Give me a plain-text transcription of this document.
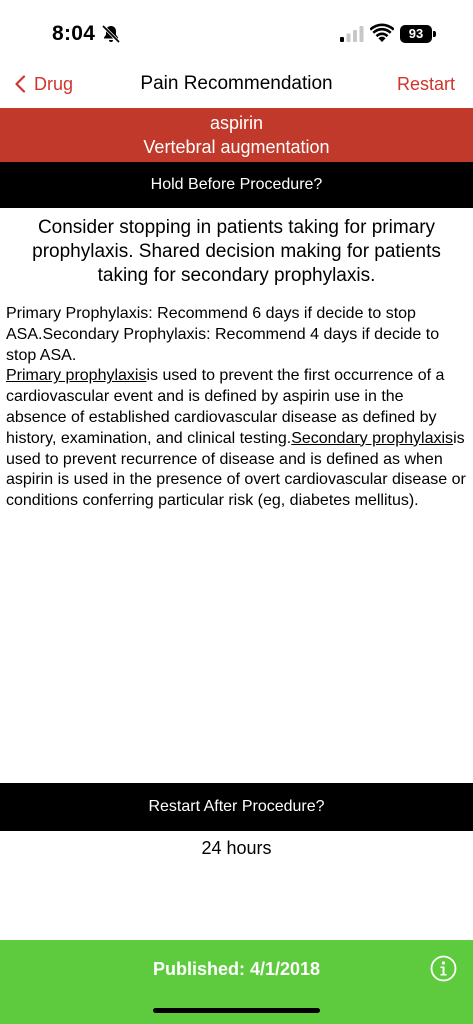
8:04	93
Drug	Pain Recommendation	Restart
aspirin
Vertebral augmentation
Hold Before Procedure?
Consider stopping in patients taking for primary prophylaxis. Shared decision making for patients taking for secondary prophylaxis.
Primary Prophylaxis: Recommend 6 days if decide to stop ASA.Secondary Prophylaxis: Recommend 4 days if decide to stop ASA.
Primary prophylaxisis used to prevent the first occurrence of a cardiovascular event and is defined by aspirin use in the absence of established cardiovascular disease as defined by history, examination, and clinical testing.Secondary prophylaxisis used to prevent recurrence of disease and is defined as when aspirin is used in the presence of overt cardiovascular disease or conditions conferring particular risk (eg, diabetes mellitus).
Restart After Procedure?
24 hours
Published: 4/1/2018
